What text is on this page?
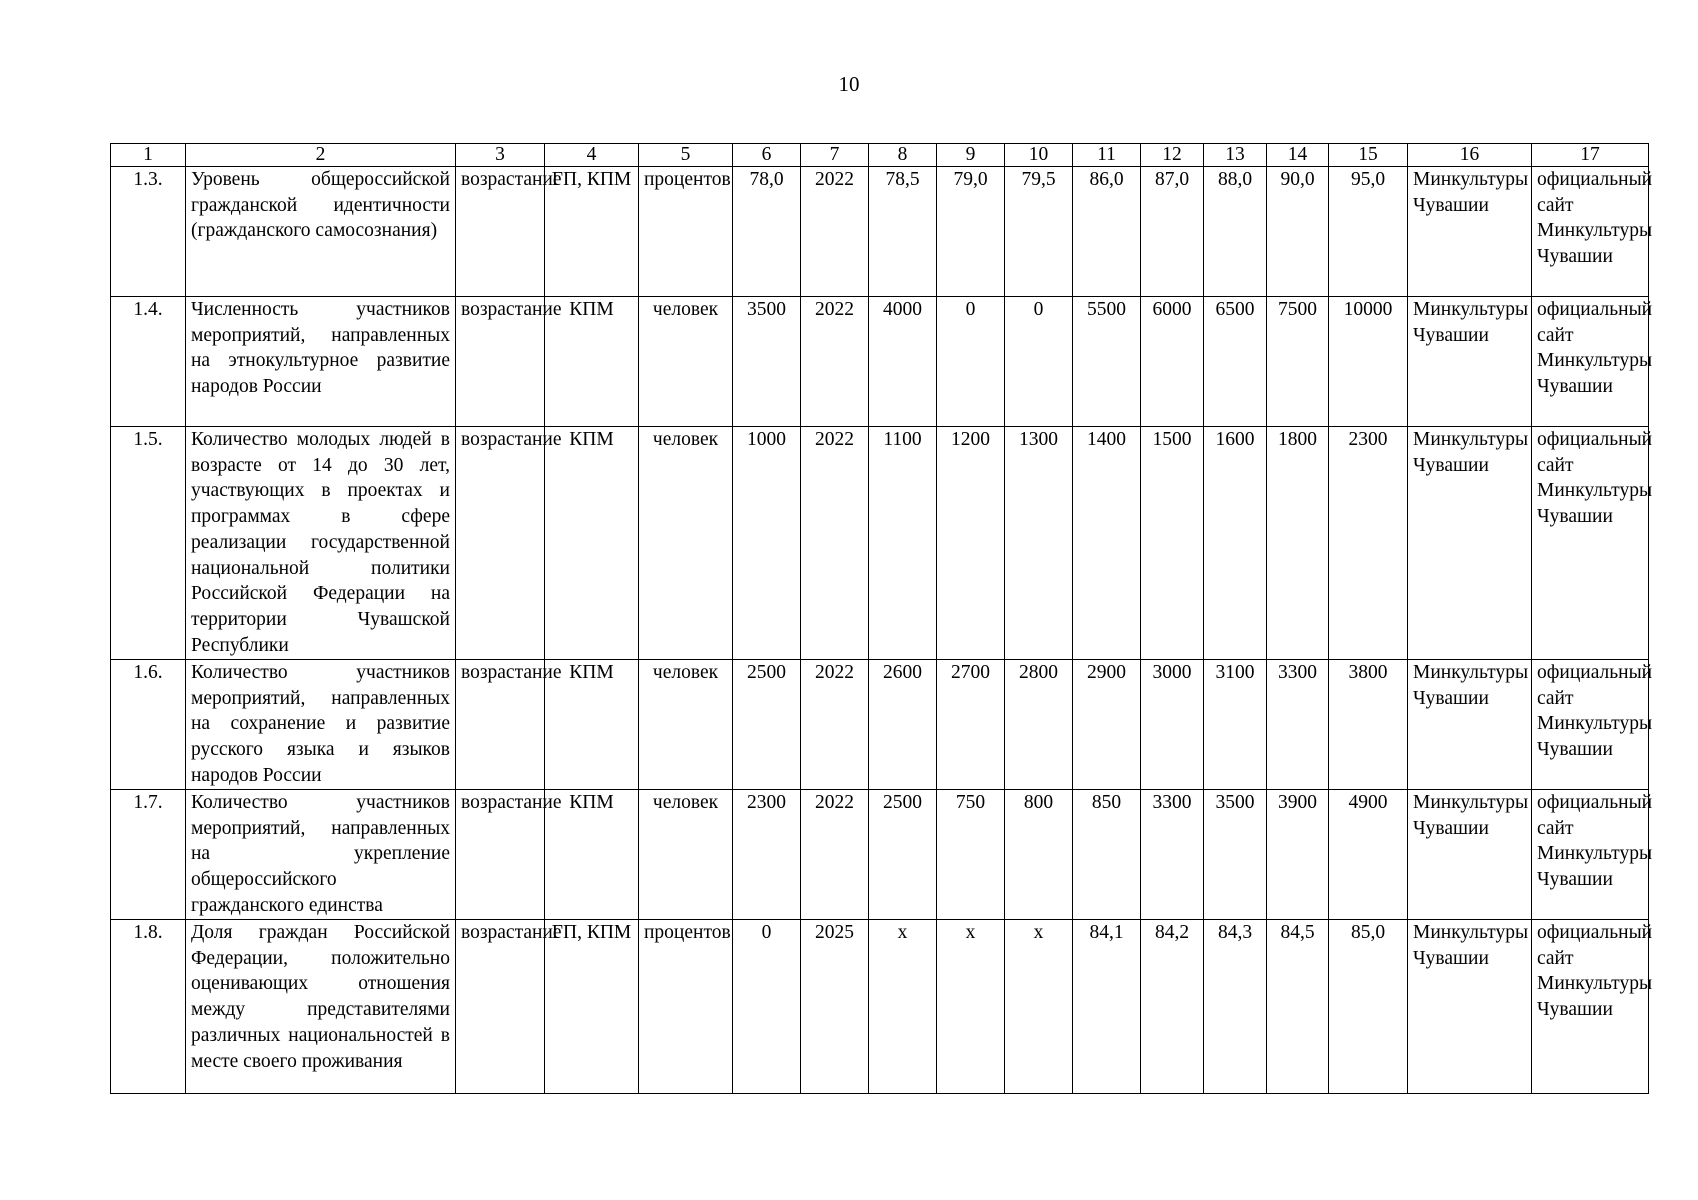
10
1	2	3	4	5	6	7	8	9	10	11	12	13	14	15	16	17
1.3.	Уровень общероссийской гражданской идентичности (гражданского самосознания)	возрастание	ГП, КПМ	процентов	78,0	2022	78,5	79,0	79,5	86,0	87,0	88,0	90,0	95,0	Минкультуры Чувашии	официальный сайт Минкультуры Чувашии
1.4.	Численность участников мероприятий, направленных на этнокультурное развитие народов России	возрастание	КПМ	человек	3500	2022	4000	0	0	5500	6000	6500	7500	10000	Минкультуры Чувашии	официальный сайт Минкультуры Чувашии
1.5.	Количество молодых людей в возрасте от 14 до 30 лет, участвующих в проектах и программах в сфере реализации государственной национальной политики Российской Федерации на территории Чувашской Республики	возрастание	КПМ	человек	1000	2022	1100	1200	1300	1400	1500	1600	1800	2300	Минкультуры Чувашии	официальный сайт Минкультуры Чувашии
1.6.	Количество участников мероприятий, направленных на сохранение и развитие русского языка и языков народов России	возрастание	КПМ	человек	2500	2022	2600	2700	2800	2900	3000	3100	3300	3800	Минкультуры Чувашии	официальный сайт Минкультуры Чувашии
1.7.	Количество участников мероприятий, направленных на укрепление общероссийского гражданского единства	возрастание	КПМ	человек	2300	2022	2500	750	800	850	3300	3500	3900	4900	Минкультуры Чувашии	официальный сайт Минкультуры Чувашии
1.8.	Доля граждан Российской Федерации, положительно оценивающих отношения между представителями различных национальностей в месте своего проживания	возрастание	ГП, КПМ	процентов	0	2025	х	х	х	84,1	84,2	84,3	84,5	85,0	Минкультуры Чувашии	официальный сайт Минкультуры Чувашии
